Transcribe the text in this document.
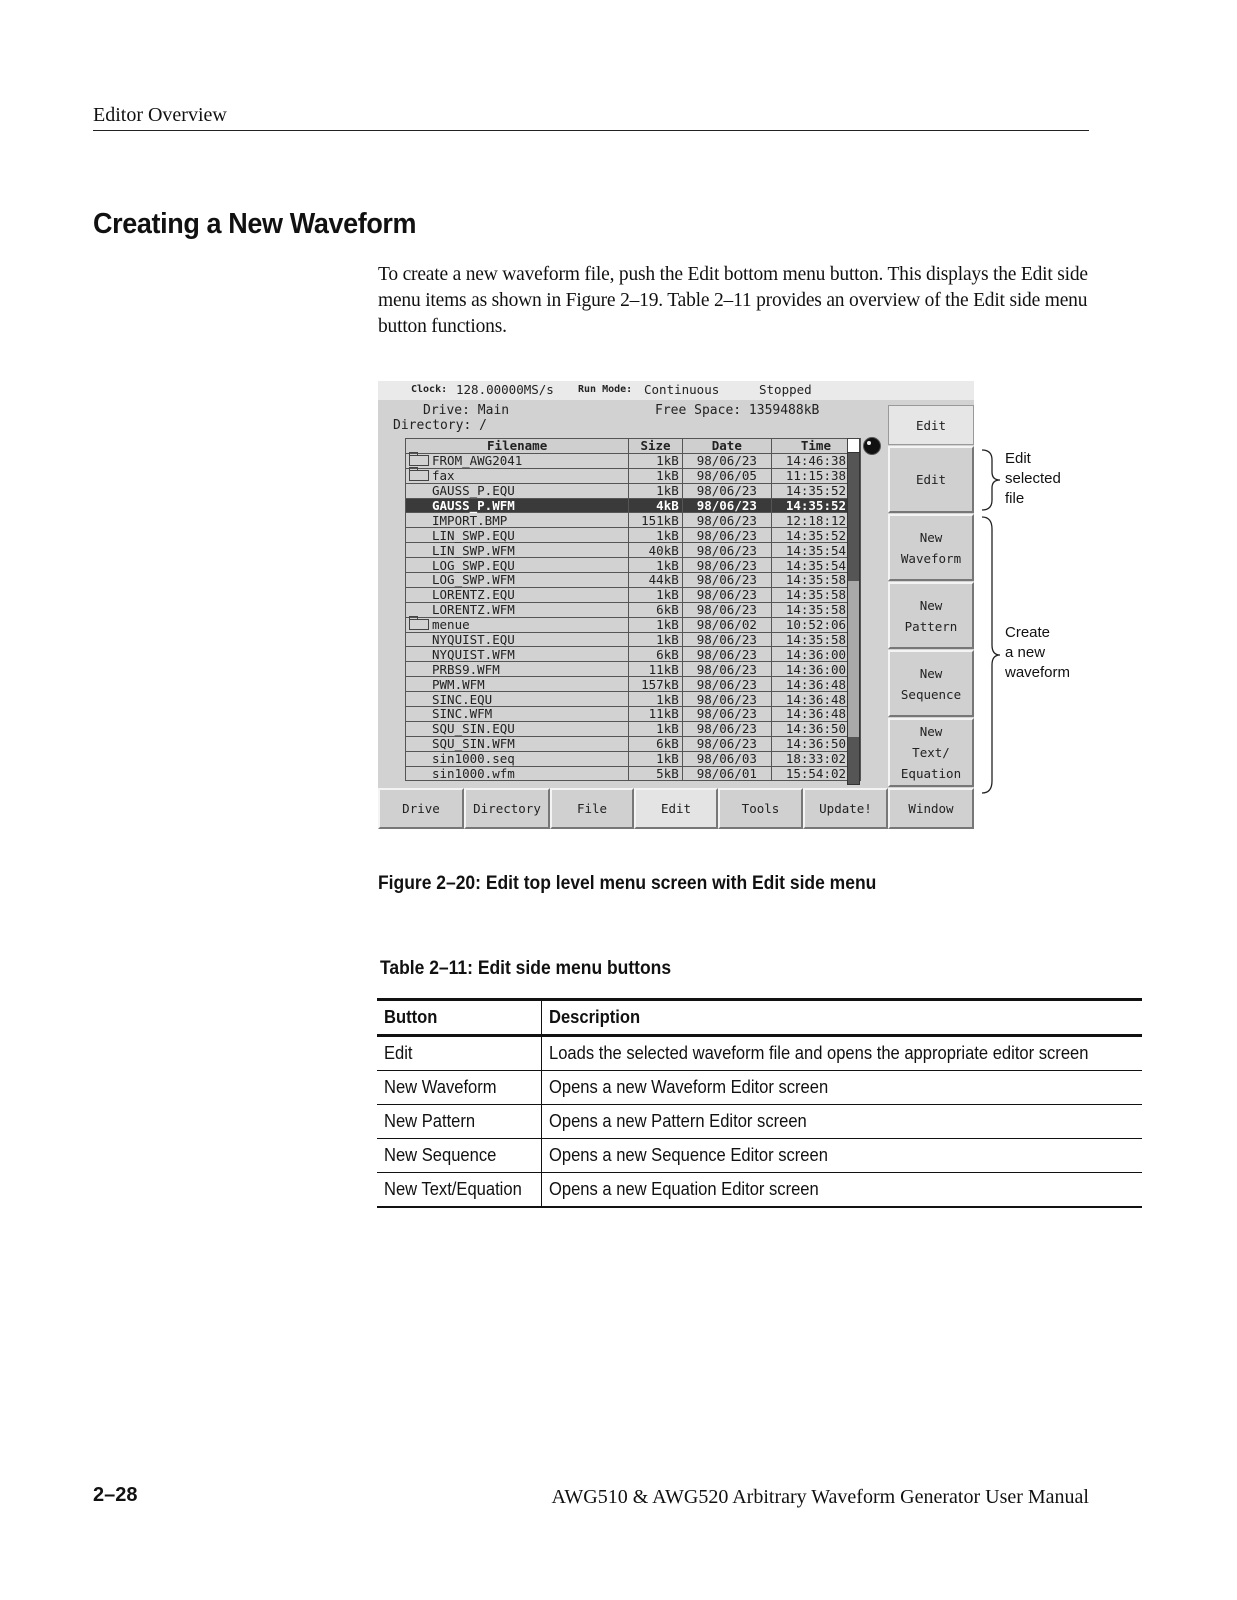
Editor Overview
Creating a New Waveform
To create a new waveform file, push the Edit bottom menu button. This displays the Edit side menu items as shown in Figure 2–19. Table 2–11 provides an overview of the Edit side menu button functions.
Clock: 128.00000MS/s Run Mode: Continuous	Stopped
Drive: Main
Directory: /
Free Space: 1359488kB
Filename	Size	Date	Time
FROM_AWG2041	1kB	98/06/23	14:46:38
fax	1kB	98/06/05	11:15:38
GAUSS_P.EQU	1kB	98/06/23	14:35:52
GAUSS_P.WFM	4kB	98/06/23	14:35:52
IMPORT.BMP	151kB	98/06/23	12:18:12
LIN_SWP.EQU	1kB	98/06/23	14:35:52
LIN_SWP.WFM	40kB	98/06/23	14:35:54
LOG_SWP.EQU	1kB	98/06/23	14:35:54
LOG_SWP.WFM	44kB	98/06/23	14:35:58
LORENTZ.EQU	1kB	98/06/23	14:35:58
LORENTZ.WFM	6kB	98/06/23	14:35:58
menue	1kB	98/06/02	10:52:06
NYQUIST.EQU	1kB	98/06/23	14:35:58
NYQUIST.WFM	6kB	98/06/23	14:36:00
PRBS9.WFM	11kB	98/06/23	14:36:00
PWM.WFM	157kB	98/06/23	14:36:48
SINC.EQU	1kB	98/06/23	14:36:48
SINC.WFM	11kB	98/06/23	14:36:48
SQU_SIN.EQU	1kB	98/06/23	14:36:50
SQU_SIN.WFM	6kB	98/06/23	14:36:50
sin1000.seq	1kB	98/06/03	18:33:02
sin1000.wfm	5kB	98/06/01	15:54:02
Edit
Edit
New
Waveform
New
Pattern
New
Sequence
New
Text/
Equation
Drive	Directory	File	Edit	Tools	Update!	Window
Edit
selected
file
Create
a new
waveform
Figure 2–20: Edit top level menu screen with Edit side menu
Table 2–11: Edit side menu buttons
Button	Description
Edit	Loads the selected waveform file and opens the appropriate editor screen
New Waveform	Opens a new Waveform Editor screen
New Pattern	Opens a new Pattern Editor screen
New Sequence	Opens a new Sequence Editor screen
New Text/Equation	Opens a new Equation Editor screen
2–28	AWG510 & AWG520 Arbitrary Waveform Generator User Manual
